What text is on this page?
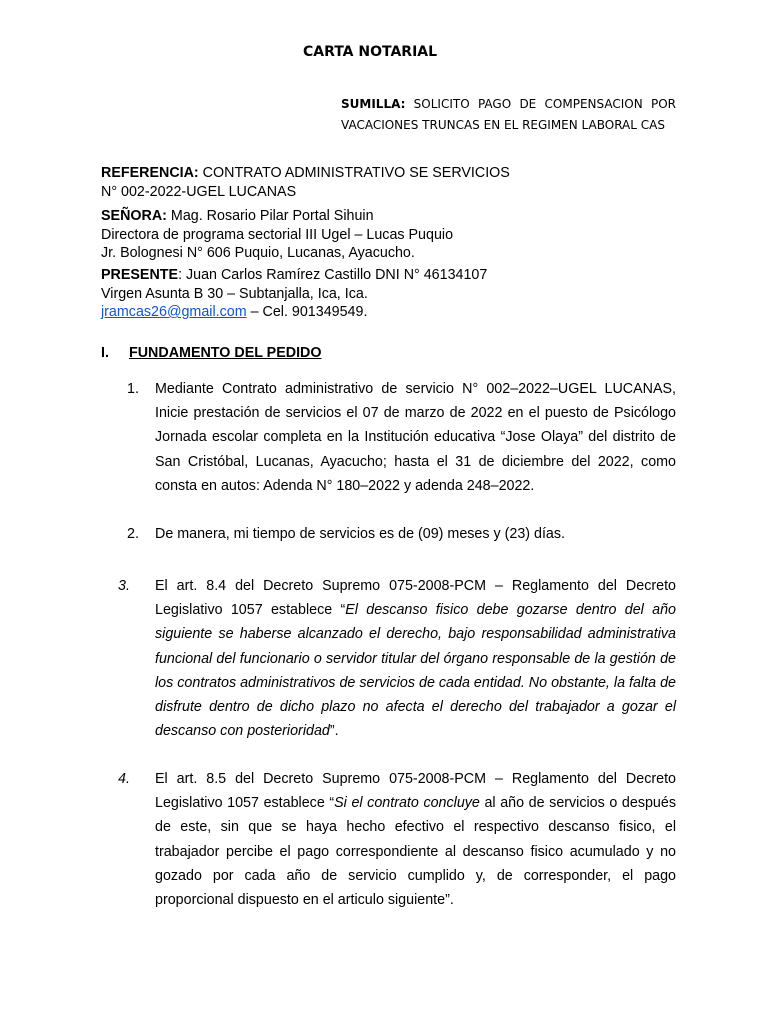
CARTA NOTARIAL
SUMILLA: SOLICITO PAGO DE COMPENSACION POR
VACACIONES TRUNCAS EN EL REGIMEN LABORAL CAS
REFERENCIA: CONTRATO ADMINISTRATIVO SE SERVICIOS
N° 002-2022-UGEL LUCANAS
SEÑORA: Mag. Rosario Pilar Portal Sihuin
Directora de programa sectorial III Ugel – Lucas Puquio
Jr. Bolognesi N° 606 Puquio, Lucanas, Ayacucho.
PRESENTE: Juan Carlos Ramírez Castillo DNI N° 46134107
Virgen Asunta B 30 – Subtanjalla, Ica, Ica.
jramcas26@gmail.com – Cel. 901349549.
I. FUNDAMENTO DEL PEDIDO
1. Mediante Contrato administrativo de servicio N° 002–2022–UGEL LUCANAS, Inicie prestación de servicios el 07 de marzo de 2022 en el puesto de Psicólogo Jornada escolar completa en la Institución educativa “Jose Olaya” del distrito de San Cristóbal, Lucanas, Ayacucho; hasta el 31 de diciembre del 2022, como consta en autos: Adenda N° 180–2022 y adenda 248–2022.
2. De manera, mi tiempo de servicios es de (09) meses y (23) días.
3. El art. 8.4 del Decreto Supremo 075-2008-PCM – Reglamento del Decreto Legislativo 1057 establece “El descanso fisico debe gozarse dentro del año siguiente se haberse alcanzado el derecho, bajo responsabilidad administrativa funcional del funcionario o servidor titular del órgano responsable de la gestión de los contratos administrativos de servicios de cada entidad. No obstante, la falta de disfrute dentro de dicho plazo no afecta el derecho del trabajador a gozar el descanso con posterioridad”.
4. El art. 8.5 del Decreto Supremo 075-2008-PCM – Reglamento del Decreto Legislativo 1057 establece “Si el contrato concluye al año de servicios o después de este, sin que se haya hecho efectivo el respectivo descanso fisico, el trabajador percibe el pago correspondiente al descanso fisico acumulado y no gozado por cada año de servicio cumplido y, de corresponder, el pago proporcional dispuesto en el articulo siguiente”.
